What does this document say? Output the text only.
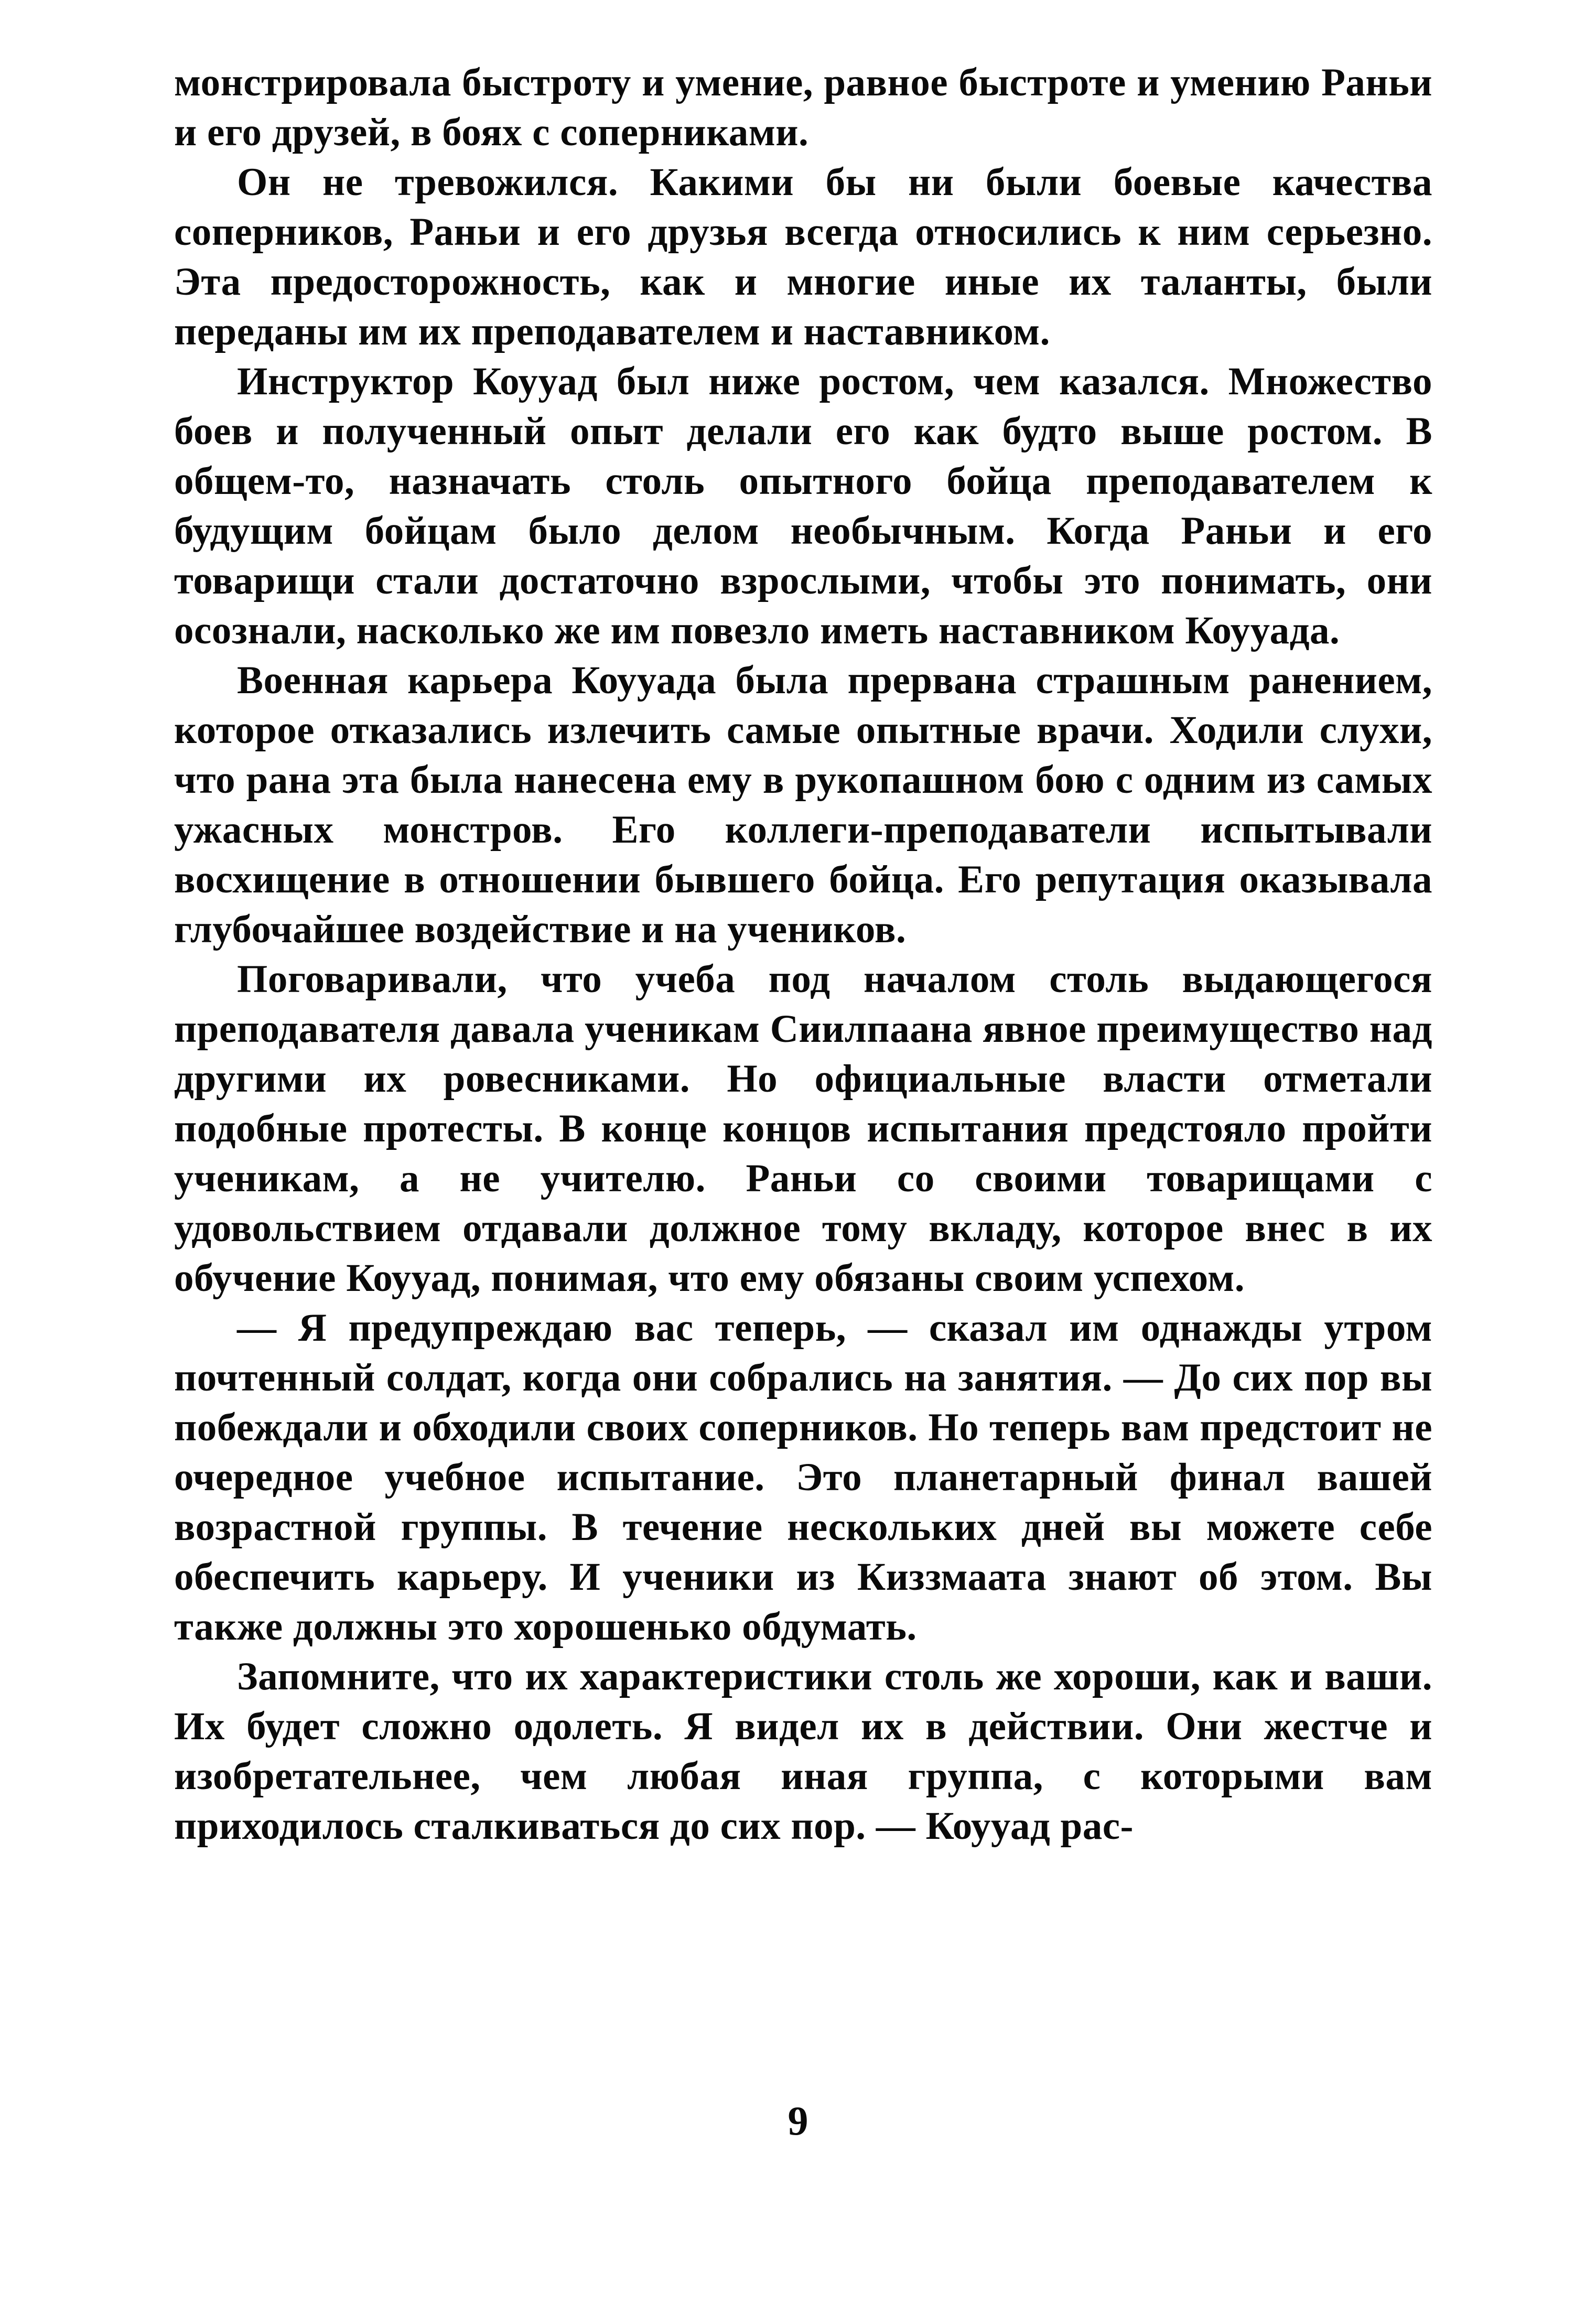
монстрировала быстроту и умение, равное быстроте и умению Раньи и его друзей, в боях с соперниками.

Он не тревожился. Какими бы ни были боевые качества соперников, Раньи и его друзья всегда относились к ним серьезно. Эта предосторожность, как и многие иные их таланты, были переданы им их преподавателем и наставником.

Инструктор Коууад был ниже ростом, чем казался. Множество боев и полученный опыт делали его как будто выше ростом. В общем-то, назначать столь опытного бойца преподавателем к будущим бойцам было делом необычным. Когда Раньи и его товарищи стали достаточно взрослыми, чтобы это понимать, они осознали, насколько же им повезло иметь наставником Коууада.

Военная карьера Коууада была прервана страшным ранением, которое отказались излечить самые опытные врачи. Ходили слухи, что рана эта была нанесена ему в рукопашном бою с одним из самых ужасных монстров. Его коллеги-преподаватели испытывали восхищение в отношении бывшего бойца. Его репутация оказывала глубочайшее воздействие и на учеников.

Поговаривали, что учеба под началом столь выдающегося преподавателя давала ученикам Сиилпаана явное преимущество над другими их ровесниками. Но официальные власти отметали подобные протесты. В конце концов испытания предстояло пройти ученикам, а не учителю. Раньи со своими товарищами с удовольствием отдавали должное тому вкладу, которое внес в их обучение Коууад, понимая, что ему обязаны своим успехом.

— Я предупреждаю вас теперь, — сказал им однажды утром почтенный солдат, когда они собрались на занятия. — До сих пор вы побеждали и обходили своих соперников. Но теперь вам предстоит не очередное учебное испытание. Это планетарный финал вашей возрастной группы. В течение нескольких дней вы можете себе обеспечить карьеру. И ученики из Киззмаата знают об этом. Вы также должны это хорошенько обдумать.

Запомните, что их характеристики столь же хороши, как и ваши. Их будет сложно одолеть. Я видел их в действии. Они жестче и изобретательнее, чем любая иная группа, с которыми вам приходилось сталкиваться до сих пор. — Коууад рас-

9
